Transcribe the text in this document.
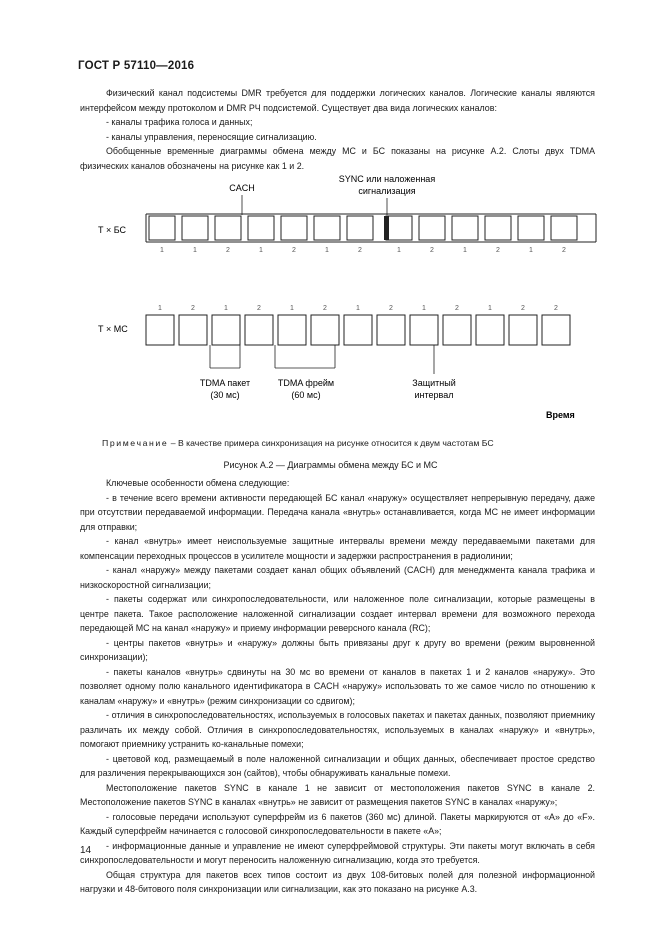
ГОСТ Р 57110—2016

Физический канал подсистемы DMR требуется для поддержки логических каналов. Логические каналы являются интерфейсом между протоколом и DMR РЧ подсистемой. Существует два вида логических каналов:

- каналы трафика голоса и данных;

- каналы управления, переносящие сигнализацию.

Обобщенные временные диаграммы обмена между МС и БС показаны на рисунке А.2. Слоты двух TDMA физических каналов обозначены на рисунке как 1 и 2.

CACH
SYNC или наложенная
сигнализация
Т × БС
1	1	2	1	2	1	2	1	2	1	2	1	2
1	2	1	2	1	2	1	2	1	2	1	2	2
Т × МС
TDMA пакет
(30 мс)
TDMA фрейм
(60 мс)
Защитный
интервал
Время
Примечание – В качестве примера синхронизация на рисунке относится к двум частотам БС
Рисунок А.2 — Диаграммы обмена между БС и МС

Ключевые особенности обмена следующие:

- в течение всего времени активности передающей БС канал «наружу» осуществляет непрерывную передачу, даже при отсутствии передаваемой информации. Передача канала «внутрь» останавливается, когда МС не имеет информации для отправки;

- канал «внутрь» имеет неиспользуемые защитные интервалы времени между передаваемыми пакетами для компенсации переходных процессов в усилителе мощности и задержки распространения в радиолинии;

- канал «наружу» между пакетами создает канал общих объявлений (CACH) для менеджмента канала трафика и низкоскоростной сигнализации;

- пакеты содержат или синхропоследовательности, или наложенное поле сигнализации, которые размещены в центре пакета. Такое расположение наложенной сигнализации создает интервал времени для возможного перехода передающей МС на канал «наружу» и приему информации реверсного канала (RC);

- центры пакетов «внутрь» и «наружу» должны быть привязаны друг к другу во времени (режим выровненной синхронизации);

- пакеты каналов «внутрь» сдвинуты на 30 мс во времени от каналов в пакетах 1 и 2 каналов «наружу». Это позволяет одному полю канального идентификатора в CACH «наружу» использовать то же самое число по отношению к каналам «наружу» и «внутрь» (режим синхронизации со сдвигом);

- отличия в синхропоследовательностях, используемых в голосовых пакетах и пакетах данных, позволяют приемнику различать их между собой. Отличия в синхропоследовательностях, используемых в каналах «наружу» и «внутрь», помогают приемнику устранить ко-канальные помехи;

- цветовой код, размещаемый в поле наложенной сигнализации и общих данных, обеспечивает простое средство для различения перекрывающихся зон (сайтов), чтобы обнаруживать канальные помехи.

Местоположение пакетов SYNC в канале 1 не зависит от местоположения пакетов SYNC в канале 2. Местоположение пакетов SYNC в каналах «внутрь» не зависит от размещения пакетов SYNC в каналах «наружу»;

- голосовые передачи используют суперфрейм из 6 пакетов (360 мс) длиной. Пакеты маркируются от «А» до «F». Каждый суперфрейм начинается с голосовой синхропоследовательности в пакете «А»;

- информационные данные и управление не имеют суперфреймовой структуры. Эти пакеты могут включать в себя синхропоследовательности и могут переносить наложенную сигнализацию, когда это требуется.

Общая структура для пакетов всех типов состоит из двух 108-битовых полей для полезной информационной нагрузки и 48-битового поля синхронизации или сигнализации, как это показано на рисунке А.3.

14
